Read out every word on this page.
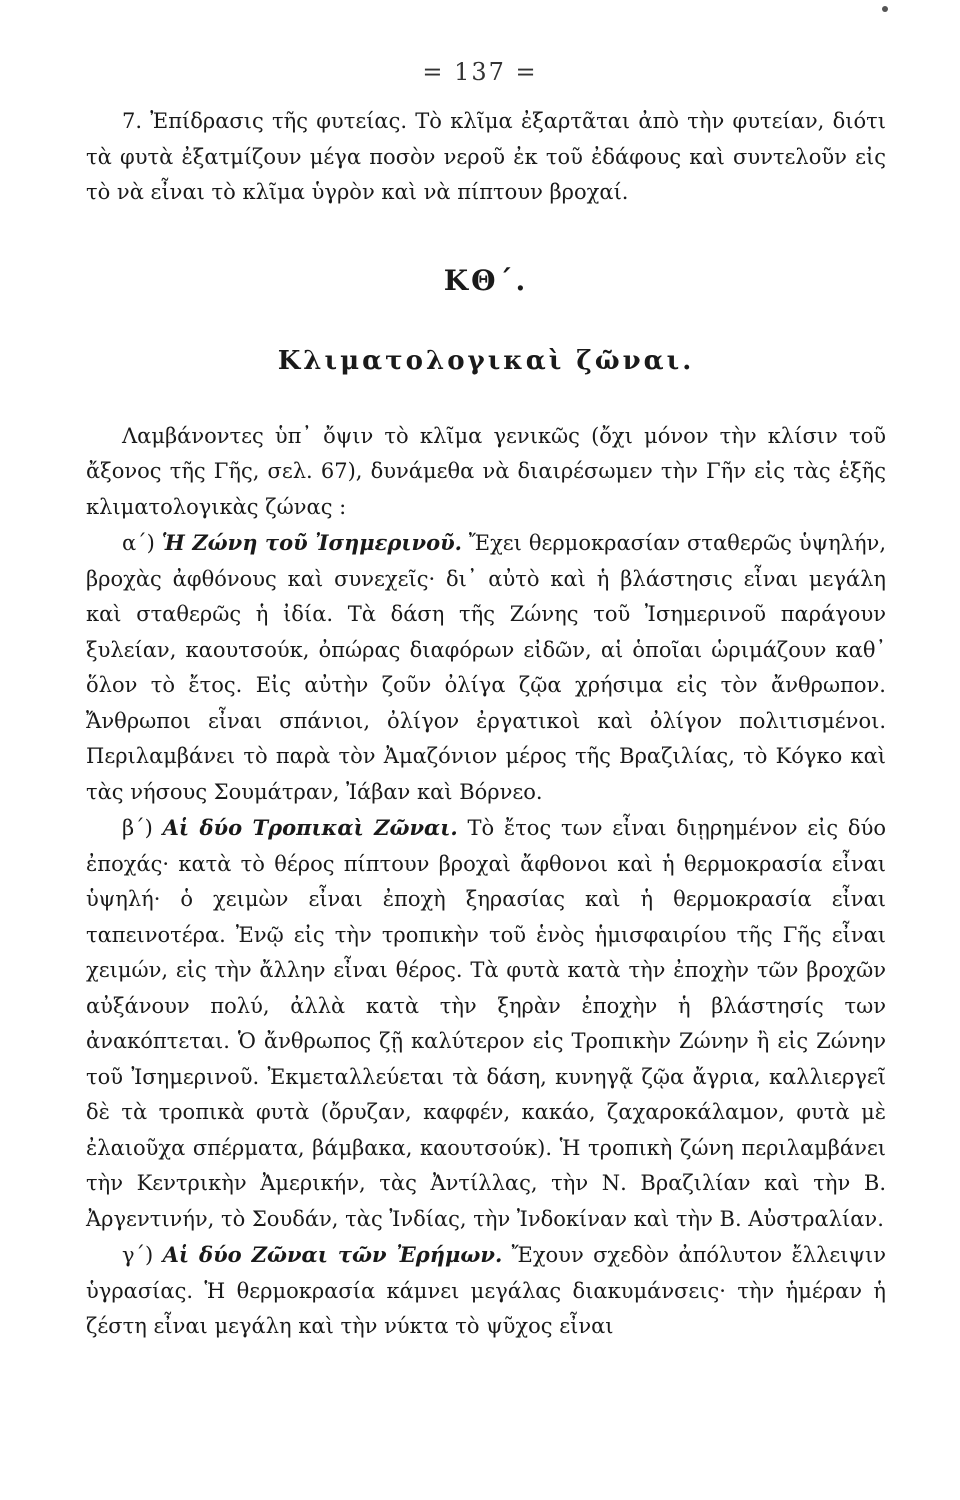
= 137 =

7. Ἐπίδρασις τῆς φυτείας. Τὸ κλῖμα ἐξαρτᾶται ἀπὸ τὴν φυτείαν, διότι τὰ φυτὰ ἐξατμίζουν μέγα ποσὸν νεροῦ ἐκ τοῦ ἐδάφους καὶ συντελοῦν εἰς τὸ νὰ εἶναι τὸ κλῖμα ὑγρὸν καὶ νὰ πίπτουν βροχαί.

ΚΘ΄.
Κλιματολογικαὶ ζῶναι.

Λαμβάνοντες ὑπ᾿ ὄψιν τὸ κλῖμα γενικῶς (ὄχι μόνον τὴν κλίσιν τοῦ ἄξονος τῆς Γῆς, σελ. 67), δυνάμεθα νὰ διαιρέσωμεν τὴν Γῆν εἰς τὰς ἑξῆς κλιματολογικὰς ζώνας :

α΄) Ἡ Ζώνη τοῦ Ἰσημερινοῦ. Ἔχει θερμοκρασίαν σταθερῶς ὑψηλήν, βροχὰς ἀφθόνους καὶ συνεχεῖς· δι᾿ αὐτὸ καὶ ἡ βλάστησις εἶναι μεγάλη καὶ σταθερῶς ἡ ἰδία. Τὰ δάση τῆς Ζώνης τοῦ Ἰσημερινοῦ παράγουν ξυλείαν, καουτσούκ, ὀπώρας διαφόρων εἰδῶν, αἱ ὁποῖαι ὡριμάζουν καθ᾿ ὅλον τὸ ἔτος. Εἰς αὐτὴν ζοῦν ὀλίγα ζῷα χρήσιμα εἰς τὸν ἄνθρωπον. Ἄνθρωποι εἶναι σπάνιοι, ὀλίγον ἐργατικοὶ καὶ ὀλίγον πολιτισμένοι. Περιλαμβάνει τὸ παρὰ τὸν Ἀμαζόνιον μέρος τῆς Βραζιλίας, τὸ Κόγκο καὶ τὰς νήσους Σουμάτραν, Ἰάβαν καὶ Βόρνεο.

β΄) Αἱ δύο Τροπικαὶ Ζῶναι. Τὸ ἔτος των εἶναι διῃρημένον εἰς δύο ἐποχάς· κατὰ τὸ θέρος πίπτουν βροχαὶ ἄφθονοι καὶ ἡ θερμοκρασία εἶναι ὑψηλή· ὁ χειμὼν εἶναι ἐποχὴ ξηρασίας καὶ ἡ θερμοκρασία εἶναι ταπεινοτέρα. Ἐνῷ εἰς τὴν τροπικὴν τοῦ ἑνὸς ἡμισφαιρίου τῆς Γῆς εἶναι χειμών, εἰς τὴν ἄλλην εἶναι θέρος. Τὰ φυτὰ κατὰ τὴν ἐποχὴν τῶν βροχῶν αὐξάνουν πολύ, ἀλλὰ κατὰ τὴν ξηρὰν ἐποχὴν ἡ βλάστησίς των ἀνακόπτεται. Ὁ ἄνθρωπος ζῇ καλύτερον εἰς Τροπικὴν Ζώνην ἢ εἰς Ζώνην τοῦ Ἰσημερινοῦ. Ἐκμεταλλεύεται τὰ δάση, κυνηγᾷ ζῷα ἄγρια, καλλιεργεῖ δὲ τὰ τροπικὰ φυτὰ (ὄρυζαν, καφφέν, κακάο, ζαχαροκάλαμον, φυτὰ μὲ ἐλαιοῦχα σπέρματα, βάμβακα, καουτσούκ). Ἡ τροπικὴ ζώνη περιλαμβάνει τὴν Κεντρικὴν Ἀμερικήν, τὰς Ἀντίλλας, τὴν Ν. Βραζιλίαν καὶ τὴν Β. Ἀργεντινήν, τὸ Σουδάν, τὰς Ἰνδίας, τὴν Ἰνδοκίναν καὶ τὴν Β. Αὐστραλίαν.

γ΄) Αἱ δύο Ζῶναι τῶν Ἐρήμων. Ἔχουν σχεδὸν ἀπόλυτον ἔλλειψιν ὑγρασίας. Ἡ θερμοκρασία κάμνει μεγάλας διακυμάνσεις· τὴν ἡμέραν ἡ ζέστη εἶναι μεγάλη καὶ τὴν νύκτα τὸ ψῦχος εἶναι
